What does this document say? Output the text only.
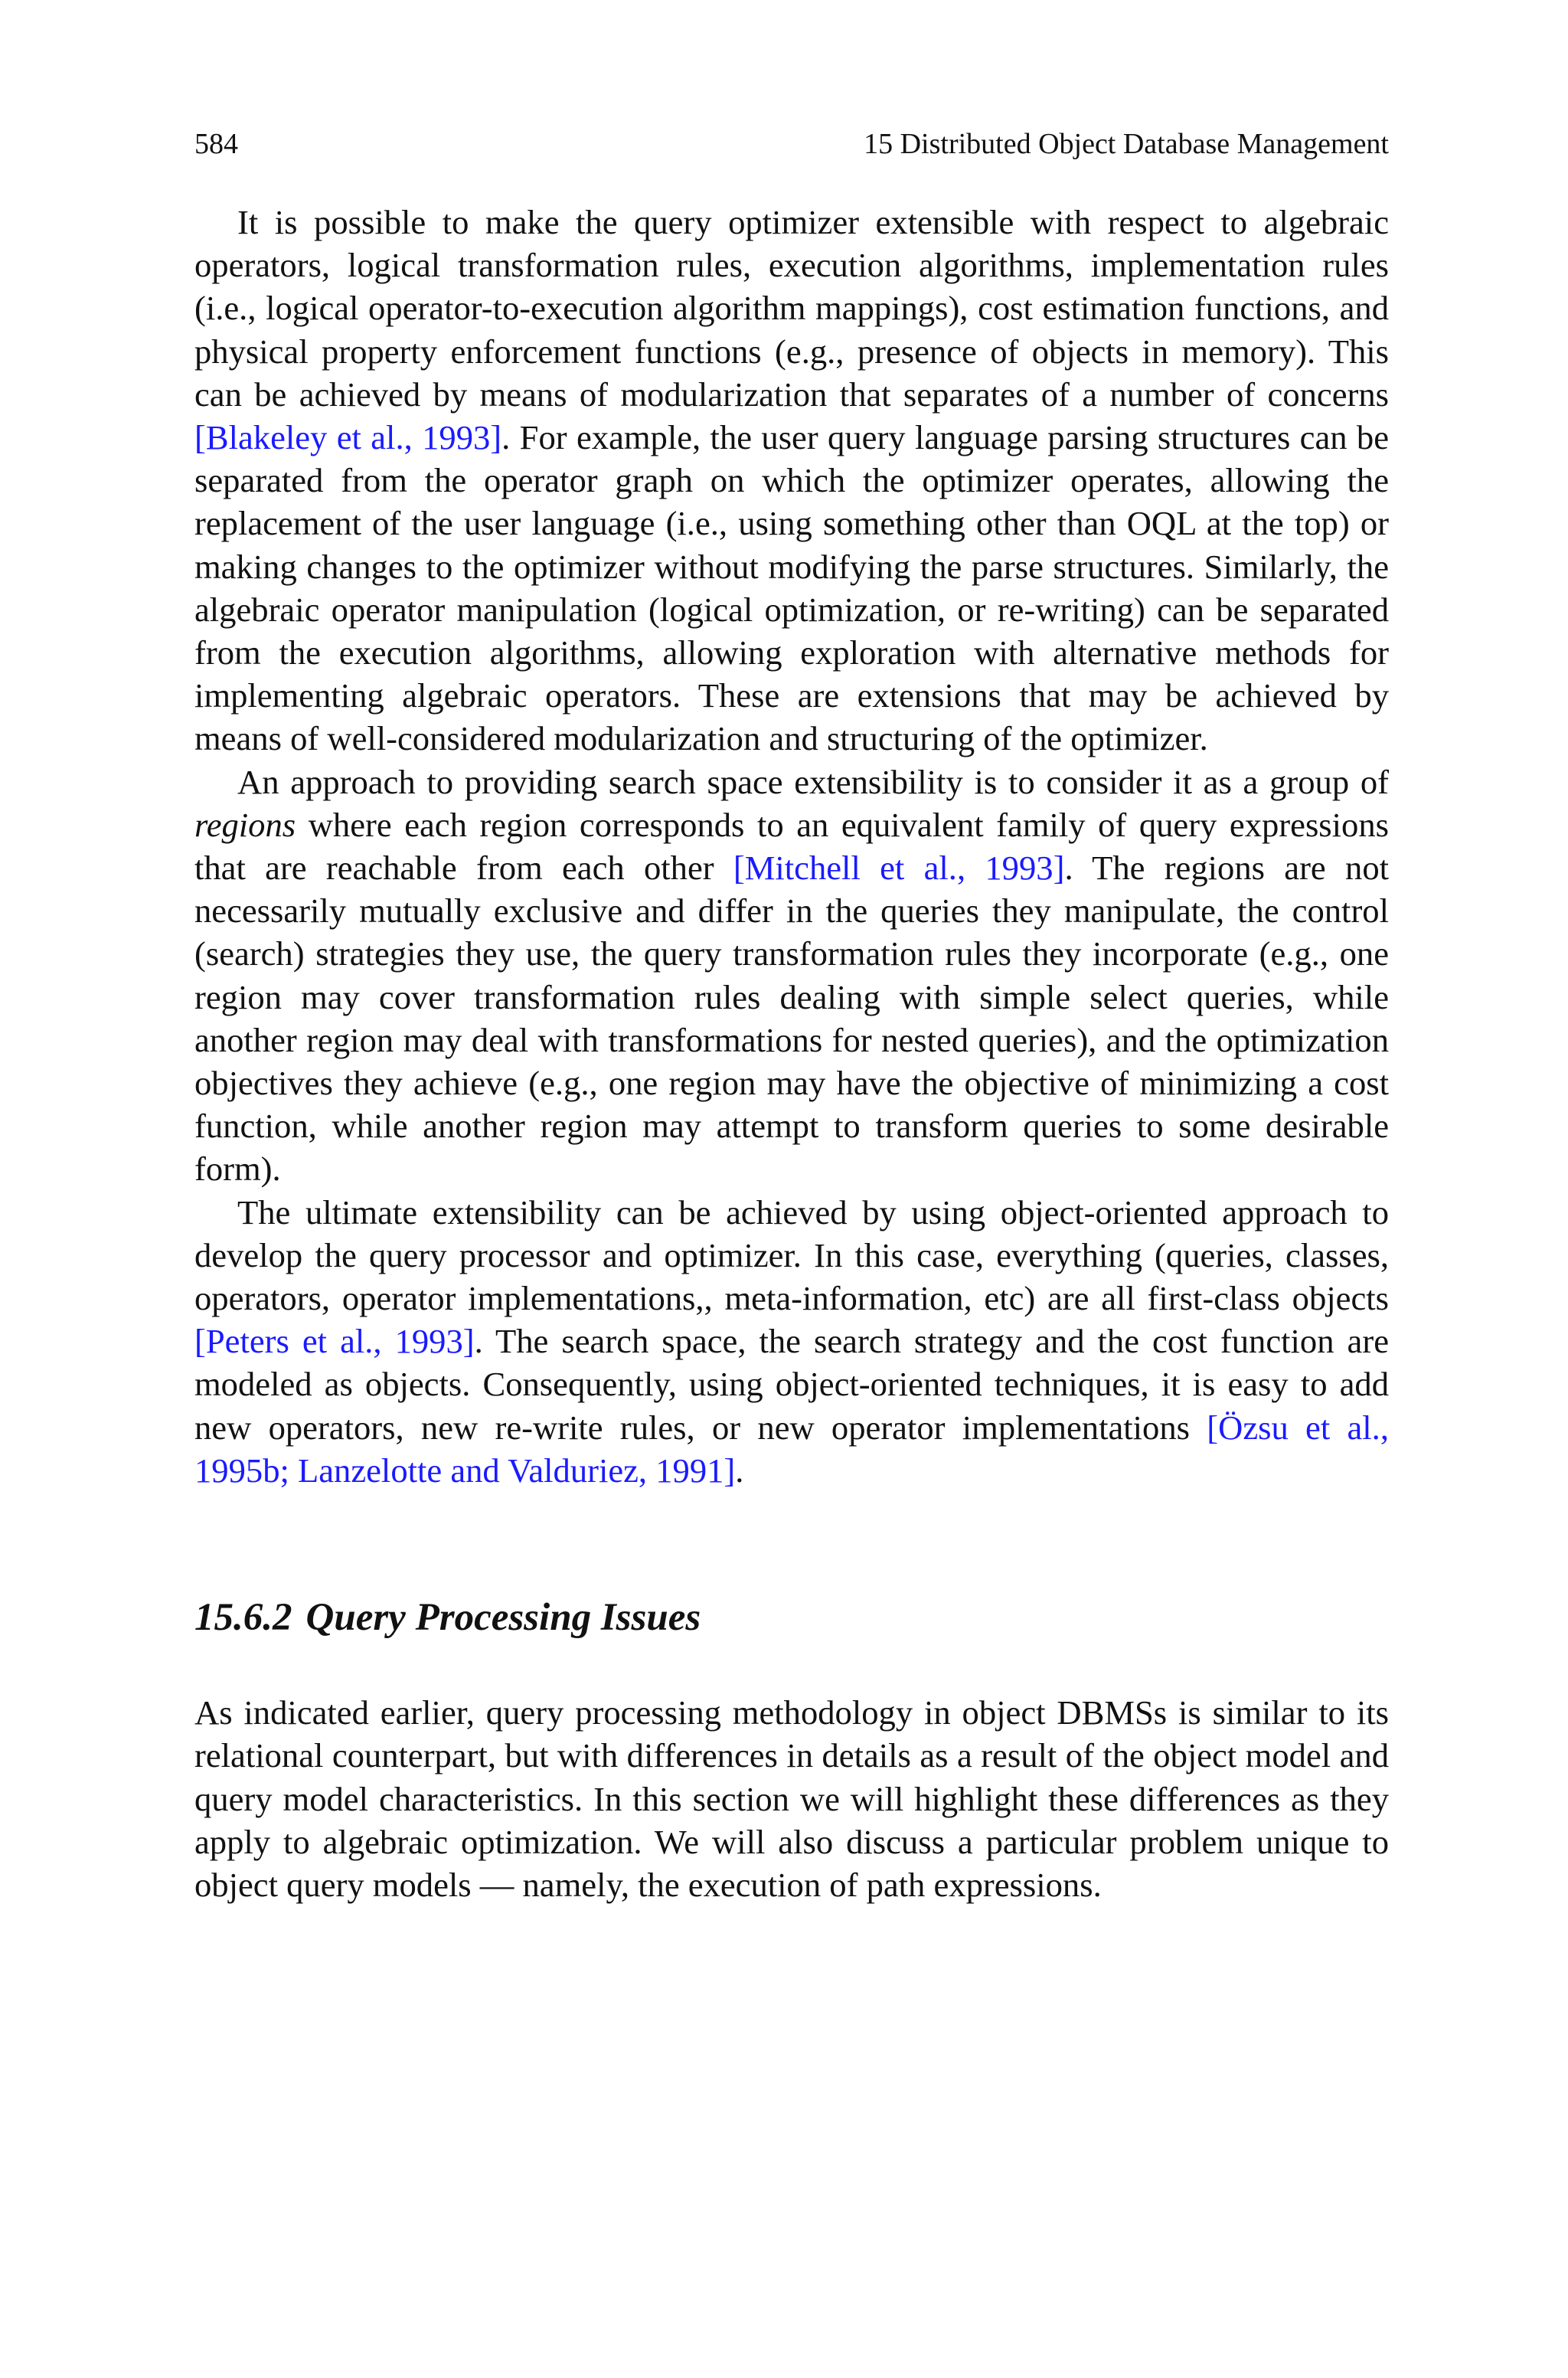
584	15 Distributed Object Database Management

It is possible to make the query optimizer extensible with respect to algebraic operators, logical transformation rules, execution algorithms, implementation rules (i.e., logical operator-to-execution algorithm mappings), cost estimation functions, and physical property enforcement functions (e.g., presence of objects in memory). This can be achieved by means of modularization that separates of a number of concerns [Blakeley et al., 1993]. For example, the user query language parsing structures can be separated from the operator graph on which the optimizer operates, allowing the replacement of the user language (i.e., using something other than OQL at the top) or making changes to the optimizer without modifying the parse structures. Similarly, the algebraic operator manipulation (logical optimization, or re-writing) can be separated from the execution algorithms, allowing exploration with alternative methods for implementing algebraic operators. These are extensions that may be achieved by means of well-considered modularization and structuring of the optimizer.

An approach to providing search space extensibility is to consider it as a group of regions where each region corresponds to an equivalent family of query expressions that are reachable from each other [Mitchell et al., 1993]. The regions are not necessarily mutually exclusive and differ in the queries they manipulate, the control (search) strategies they use, the query transformation rules they incorporate (e.g., one region may cover transformation rules dealing with simple select queries, while another region may deal with transformations for nested queries), and the optimization objectives they achieve (e.g., one region may have the objective of minimizing a cost function, while another region may attempt to transform queries to some desirable form).

The ultimate extensibility can be achieved by using object-oriented approach to develop the query processor and optimizer. In this case, everything (queries, classes, operators, operator implementations,, meta-information, etc) are all first-class objects [Peters et al., 1993]. The search space, the search strategy and the cost function are modeled as objects. Consequently, using object-oriented techniques, it is easy to add new operators, new re-write rules, or new operator implementations [Özsu et al., 1995b; Lanzelotte and Valduriez, 1991].

15.6.2 Query Processing Issues

As indicated earlier, query processing methodology in object DBMSs is similar to its relational counterpart, but with differences in details as a result of the object model and query model characteristics. In this section we will highlight these differences as they apply to algebraic optimization. We will also discuss a particular problem unique to object query models — namely, the execution of path expressions.
